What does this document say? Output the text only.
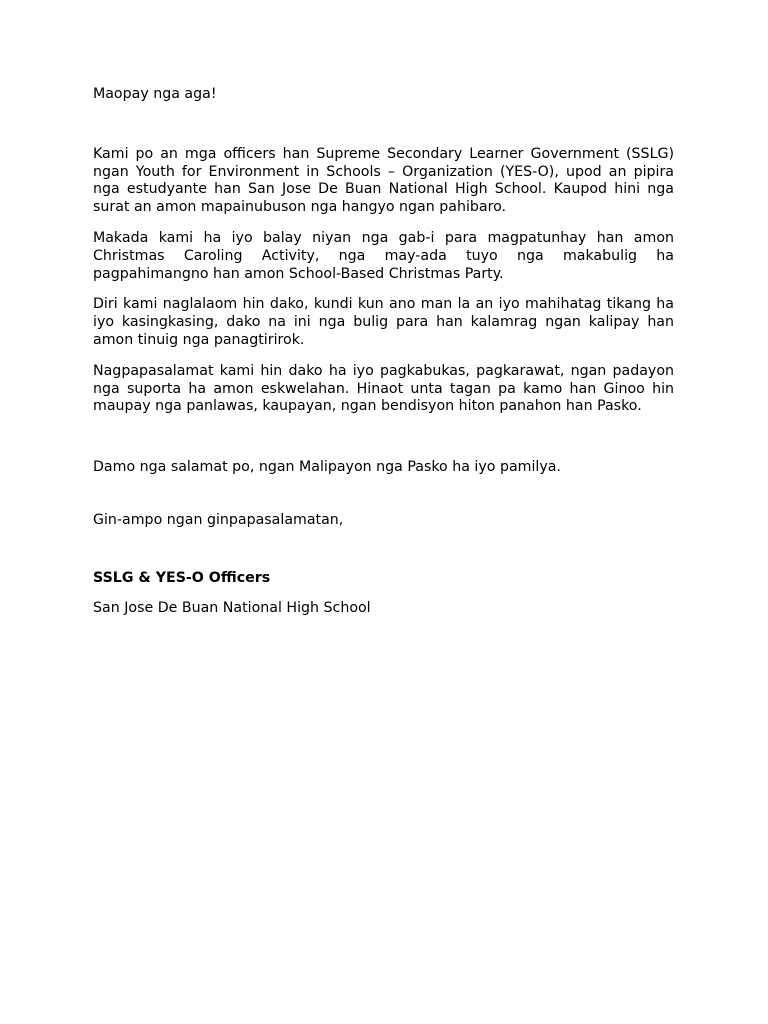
Maopay nga aga!

Kami po an mga officers han Supreme Secondary Learner Government (SSLG) ngan Youth for Environment in Schools – Organization (YES-O), upod an pipira nga estudyante han San Jose De Buan National High School. Kaupod hini nga surat an amon mapainubuson nga hangyo ngan pahibaro.

Makada kami ha iyo balay niyan nga gab-i para magpatunhay han amon Christmas Caroling Activity, nga may-ada tuyo nga makabulig ha pagpahimangno han amon School-Based Christmas Party.

Diri kami naglalaom hin dako, kundi kun ano man la an iyo mahihatag tikang ha iyo kasingkasing, dako na ini nga bulig para han kalamrag ngan kalipay han amon tinuig nga panagtirirok.

Nagpapasalamat kami hin dako ha iyo pagkabukas, pagkarawat, ngan padayon nga suporta ha amon eskwelahan. Hinaot unta tagan pa kamo han Ginoo hin maupay nga panlawas, kaupayan, ngan bendisyon hiton panahon han Pasko.

Damo nga salamat po, ngan Malipayon nga Pasko ha iyo pamilya.

Gin-ampo ngan ginpapasalamatan,

SSLG & YES-O Officers

San Jose De Buan National High School
